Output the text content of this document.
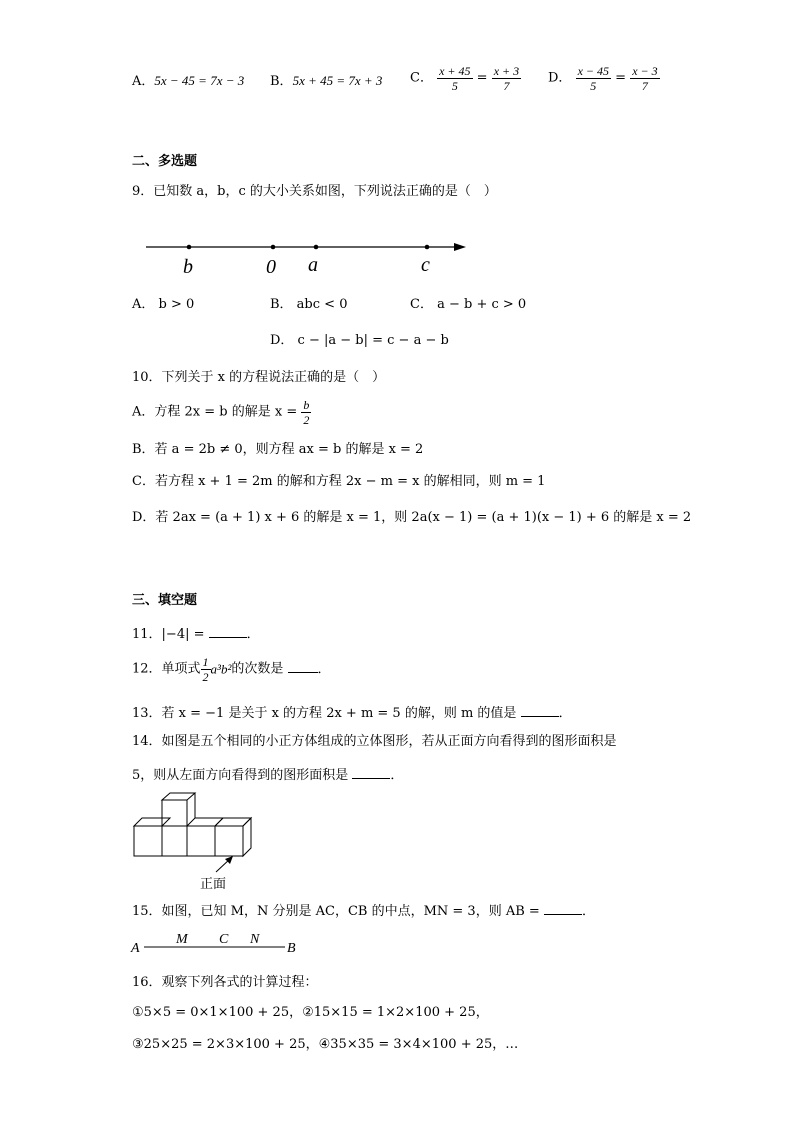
A．5x − 45 = 7x − 3 B．5x + 45 = 7x + 3 C． $\frac{x + 45}{5} = \frac{x + 3}{7}$ D． $\frac{x - 45}{5} = \frac{x - 3}{7}$
二、多选题
9．已知数 a，b，c 的大小关系如图，下列说法正确的是（　）
b	0 a	c
A． b > 0	B． abc < 0	C． a − b + c > 0
D． c − |a − b| = c − a − b
10．下列关于 x 的方程说法正确的是（　）
A．方程 2x = b 的解是 $x = \frac{b}{2}$
B．若 a = 2b ≠ 0，则方程 ax = b 的解是 x = 2
C．若方程 x + 1 = 2m 的解和方程 2x − m = x 的解相同，则 m = 1
D．若 2ax = (a + 1) x + 6 的解是 x = 1，则 2a(x − 1) = (a + 1)(x − 1) + 6 的解是 x = 2
三、填空题
11．|−4| =	．
12．单项式 $\frac{1}{2} a^3b^2$的次数是	．
13．若 x = −1 是关于 x 的方程 2x + m = 5 的解，则 m 的值是	．
14．如图是五个相同的小正方体组成的立体图形，若从正面方向看得到的图形面积是
5，则从左面方向看得到的图形面积是	．
正面
15．如图，已知 M，N 分别是 AC，CB 的中点，MN = 3，则 AB =	．
A
M C N
B
16．观察下列各式的计算过程：
①5×5 = 0×1×100 + 25，②15×15 = 1×2×100 + 25，
③25×25 = 2×3×100 + 25，④35×35 = 3×4×100 + 25，…
